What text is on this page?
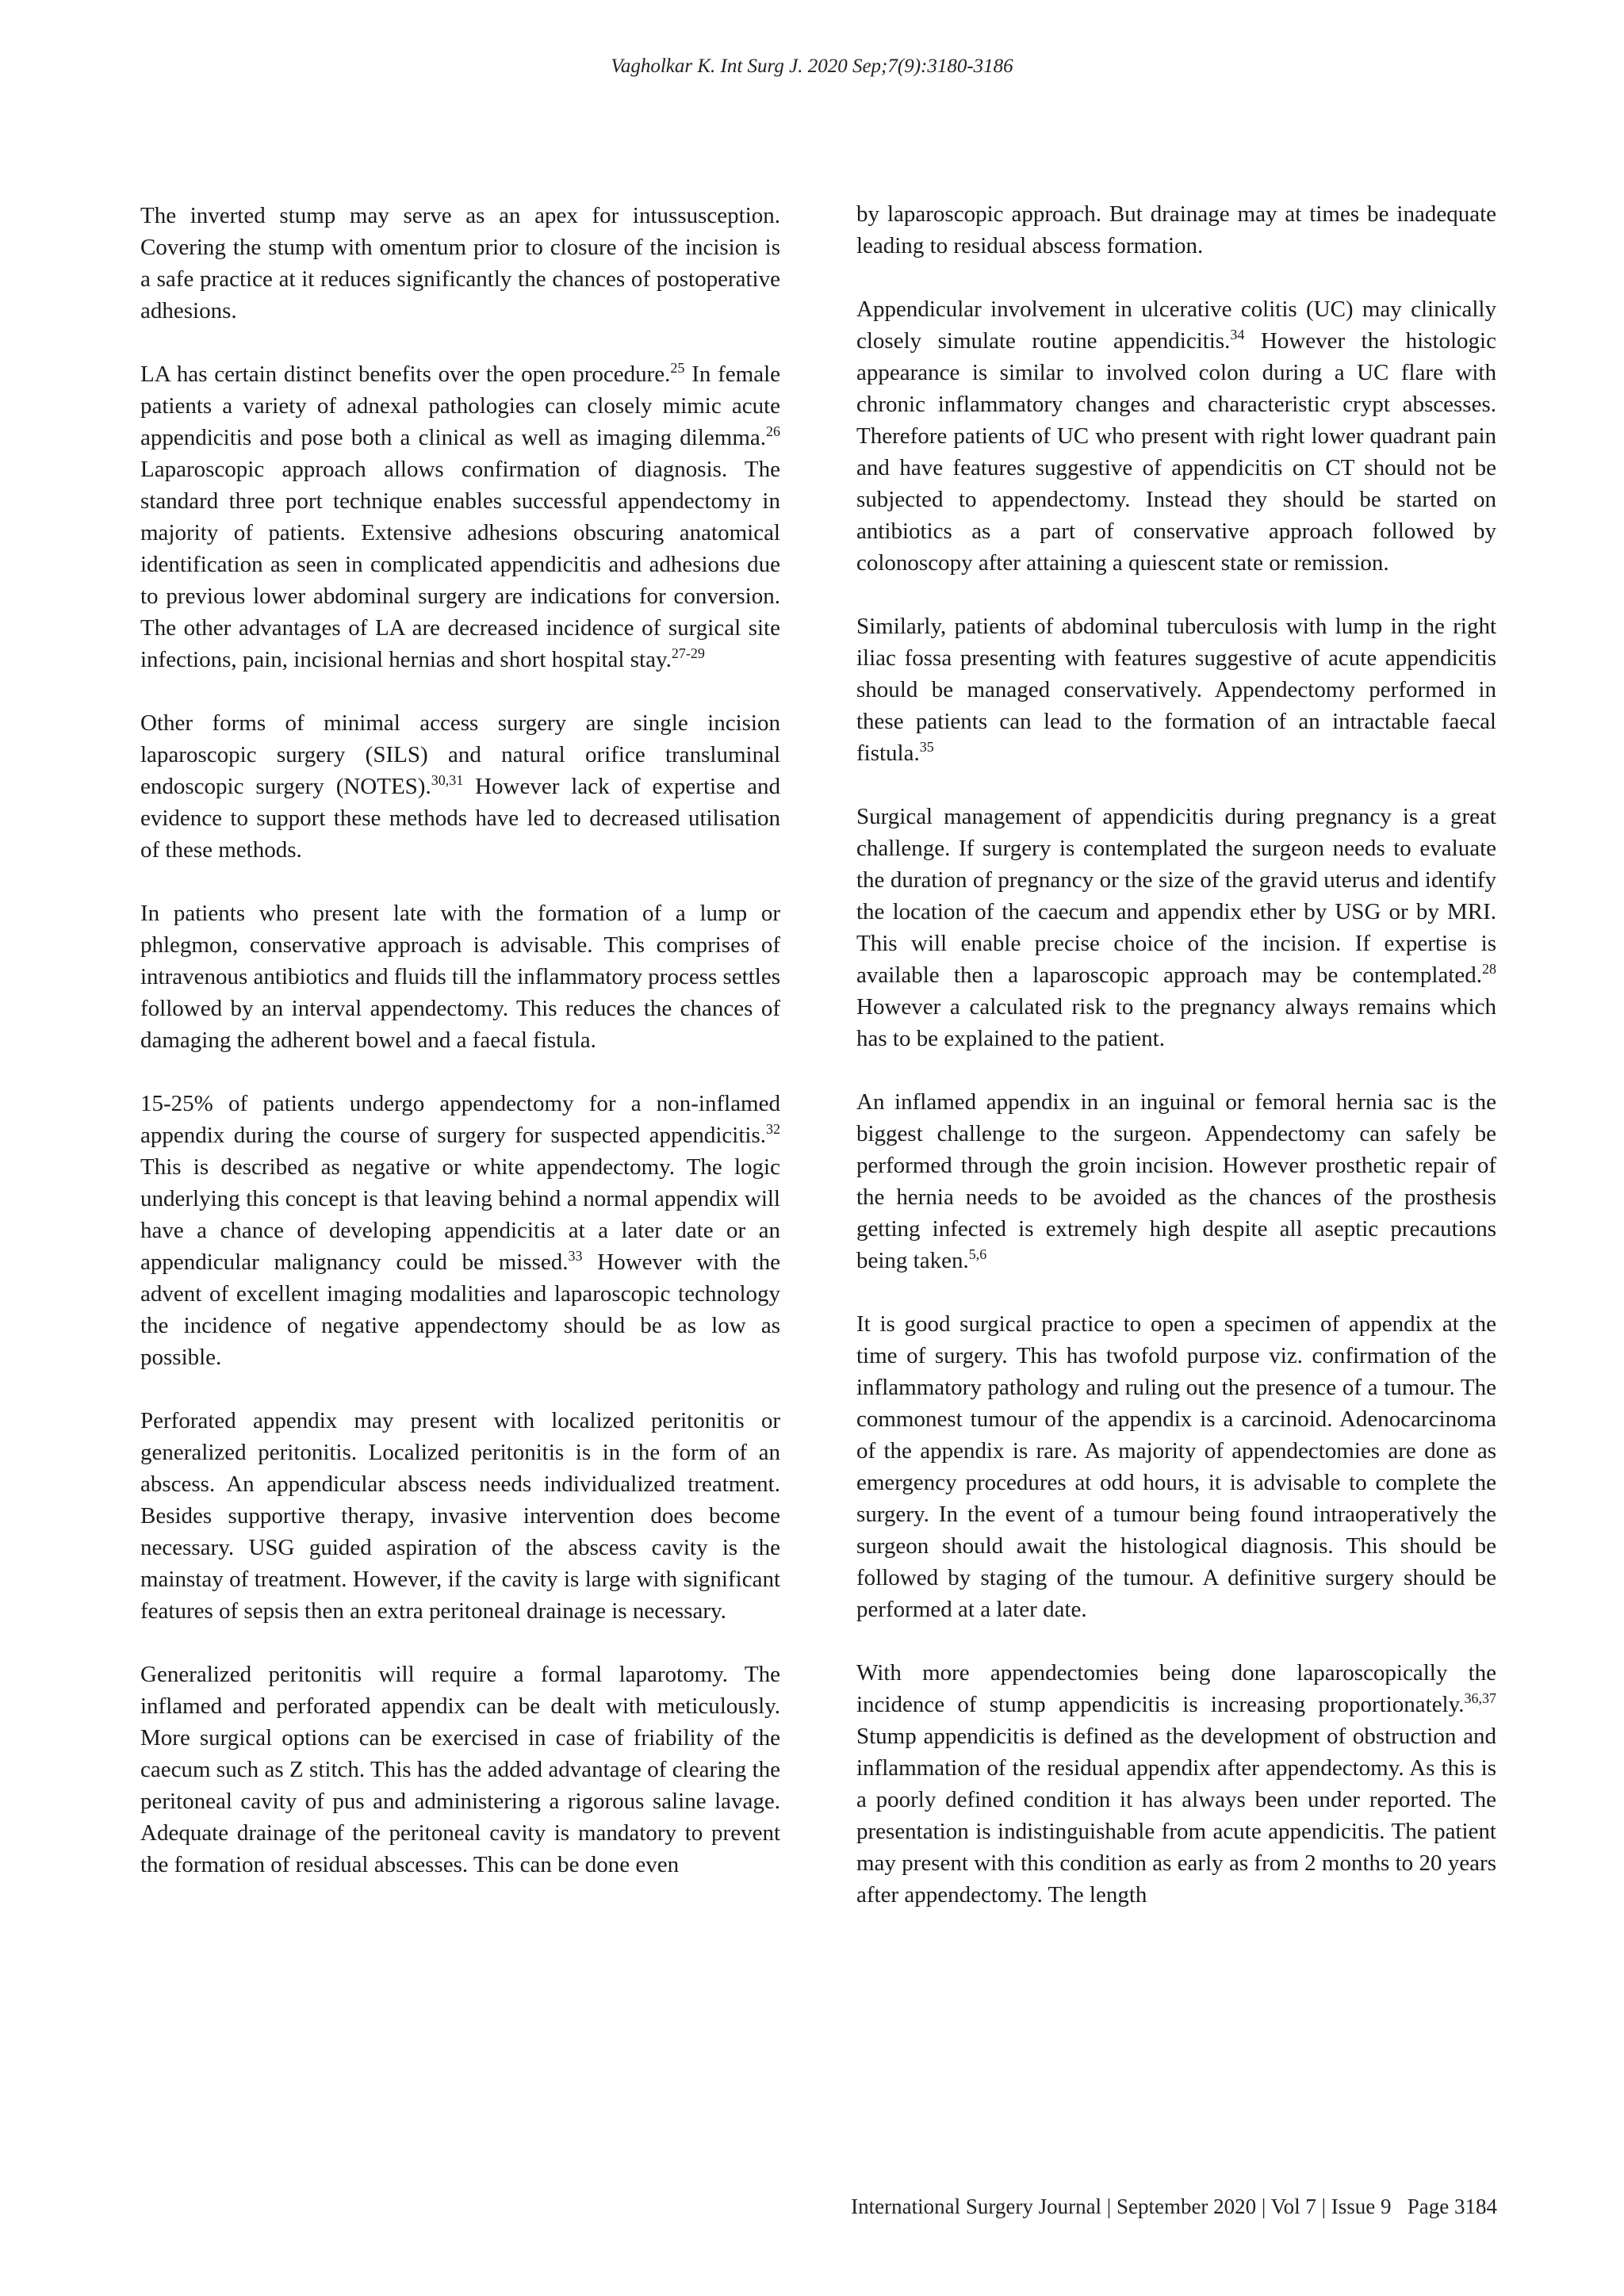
Vagholkar K. Int Surg J. 2020 Sep;7(9):3180-3186

The inverted stump may serve as an apex for intussusception. Covering the stump with omentum prior to closure of the incision is a safe practice at it reduces significantly the chances of postoperative adhesions.

LA has certain distinct benefits over the open procedure.$^{25}$ In female patients a variety of adnexal pathologies can closely mimic acute appendicitis and pose both a clinical as well as imaging dilemma.$^{26}$ Laparoscopic approach allows confirmation of diagnosis. The standard three port technique enables successful appendectomy in majority of patients. Extensive adhesions obscuring anatomical identification as seen in complicated appendicitis and adhesions due to previous lower abdominal surgery are indications for conversion. The other advantages of LA are decreased incidence of surgical site infections, pain, incisional hernias and short hospital stay.$^{27-29}$

Other forms of minimal access surgery are single incision laparoscopic surgery (SILS) and natural orifice transluminal endoscopic surgery (NOTES).$^{30,31}$ However lack of expertise and evidence to support these methods have led to decreased utilisation of these methods.

In patients who present late with the formation of a lump or phlegmon, conservative approach is advisable. This comprises of intravenous antibiotics and fluids till the inflammatory process settles followed by an interval appendectomy. This reduces the chances of damaging the adherent bowel and a faecal fistula.

15-25% of patients undergo appendectomy for a non-inflamed appendix during the course of surgery for suspected appendicitis.$^{32}$ This is described as negative or white appendectomy. The logic underlying this concept is that leaving behind a normal appendix will have a chance of developing appendicitis at a later date or an appendicular malignancy could be missed.$^{33}$ However with the advent of excellent imaging modalities and laparoscopic technology the incidence of negative appendectomy should be as low as possible.

Perforated appendix may present with localized peritonitis or generalized peritonitis. Localized peritonitis is in the form of an abscess. An appendicular abscess needs individualized treatment. Besides supportive therapy, invasive intervention does become necessary. USG guided aspiration of the abscess cavity is the mainstay of treatment. However, if the cavity is large with significant features of sepsis then an extra peritoneal drainage is necessary.

Generalized peritonitis will require a formal laparotomy. The inflamed and perforated appendix can be dealt with meticulously. More surgical options can be exercised in case of friability of the caecum such as Z stitch. This has the added advantage of clearing the peritoneal cavity of pus and administering a rigorous saline lavage. Adequate drainage of the peritoneal cavity is mandatory to prevent the formation of residual abscesses. This can be done even

by laparoscopic approach. But drainage may at times be inadequate leading to residual abscess formation.

Appendicular involvement in ulcerative colitis (UC) may clinically closely simulate routine appendicitis.$^{34}$ However the histologic appearance is similar to involved colon during a UC flare with chronic inflammatory changes and characteristic crypt abscesses. Therefore patients of UC who present with right lower quadrant pain and have features suggestive of appendicitis on CT should not be subjected to appendectomy. Instead they should be started on antibiotics as a part of conservative approach followed by colonoscopy after attaining a quiescent state or remission.

Similarly, patients of abdominal tuberculosis with lump in the right iliac fossa presenting with features suggestive of acute appendicitis should be managed conservatively. Appendectomy performed in these patients can lead to the formation of an intractable faecal fistula.$^{35}$

Surgical management of appendicitis during pregnancy is a great challenge. If surgery is contemplated the surgeon needs to evaluate the duration of pregnancy or the size of the gravid uterus and identify the location of the caecum and appendix ether by USG or by MRI. This will enable precise choice of the incision. If expertise is available then a laparoscopic approach may be contemplated.$^{28}$ However a calculated risk to the pregnancy always remains which has to be explained to the patient.

An inflamed appendix in an inguinal or femoral hernia sac is the biggest challenge to the surgeon. Appendectomy can safely be performed through the groin incision. However prosthetic repair of the hernia needs to be avoided as the chances of the prosthesis getting infected is extremely high despite all aseptic precautions being taken.$^{5,6}$

It is good surgical practice to open a specimen of appendix at the time of surgery. This has twofold purpose viz. confirmation of the inflammatory pathology and ruling out the presence of a tumour. The commonest tumour of the appendix is a carcinoid. Adenocarcinoma of the appendix is rare. As majority of appendectomies are done as emergency procedures at odd hours, it is advisable to complete the surgery. In the event of a tumour being found intraoperatively the surgeon should await the histological diagnosis. This should be followed by staging of the tumour. A definitive surgery should be performed at a later date.

With more appendectomies being done laparoscopically the incidence of stump appendicitis is increasing proportionately.$^{36,37}$ Stump appendicitis is defined as the development of obstruction and inflammation of the residual appendix after appendectomy. As this is a poorly defined condition it has always been under reported. The presentation is indistinguishable from acute appendicitis. The patient may present with this condition as early as from 2 months to 20 years after appendectomy. The length

International Surgery Journal | September 2020 | Vol 7 | Issue 9   Page 3184
